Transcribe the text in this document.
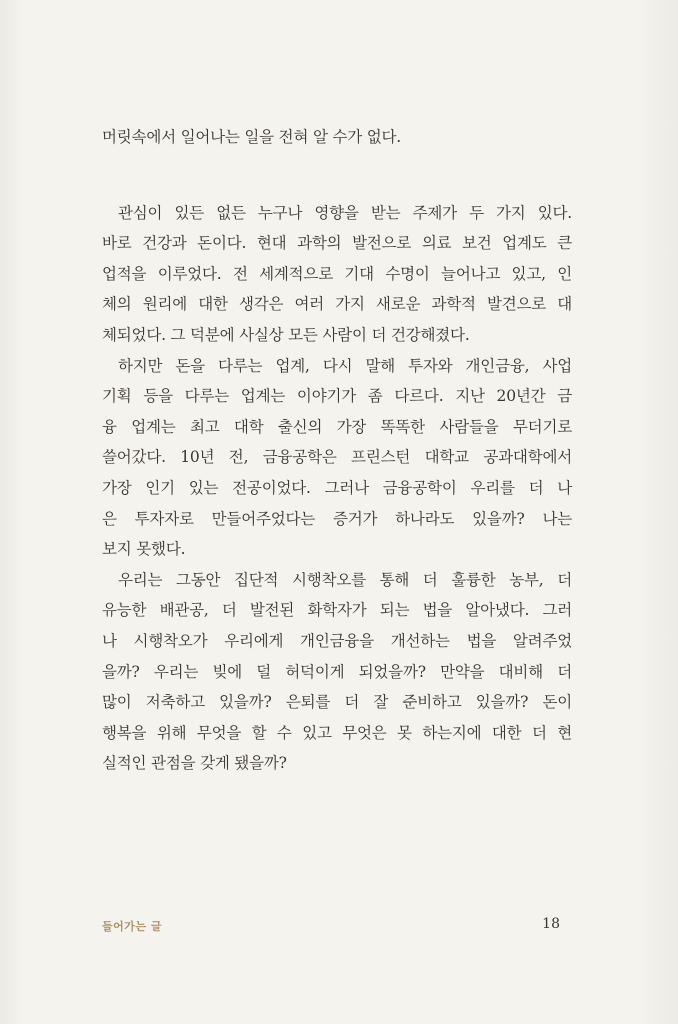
머릿속에서 일어나는 일을 전혀 알 수가 없다.
관심이 있든 없든 누구나 영향을 받는 주제가 두 가지 있다.
바로 건강과 돈이다. 현대 과학의 발전으로 의료 보건 업계도 큰
업적을 이루었다. 전 세계적으로 기대 수명이 늘어나고 있고, 인
체의 원리에 대한 생각은 여러 가지 새로운 과학적 발견으로 대
체되었다. 그 덕분에 사실상 모든 사람이 더 건강해졌다.
하지만 돈을 다루는 업계, 다시 말해 투자와 개인금융, 사업
기획 등을 다루는 업계는 이야기가 좀 다르다. 지난 20년간 금
융 업계는 최고 대학 출신의 가장 똑똑한 사람들을 무더기로
쓸어갔다. 10년 전, 금융공학은 프린스턴 대학교 공과대학에서
가장 인기 있는 전공이었다. 그러나 금융공학이 우리를 더 나
은 투자자로 만들어주었다는 증거가 하나라도 있을까? 나는
보지 못했다.
우리는 그동안 집단적 시행착오를 통해 더 훌륭한 농부, 더
유능한 배관공, 더 발전된 화학자가 되는 법을 알아냈다. 그러
나 시행착오가 우리에게 개인금융을 개선하는 법을 알려주었
을까? 우리는 빚에 덜 허덕이게 되었을까? 만약을 대비해 더
많이 저축하고 있을까? 은퇴를 더 잘 준비하고 있을까? 돈이
행복을 위해 무엇을 할 수 있고 무엇은 못 하는지에 대한 더 현
실적인 관점을 갖게 됐을까?
들어가는 글	18
